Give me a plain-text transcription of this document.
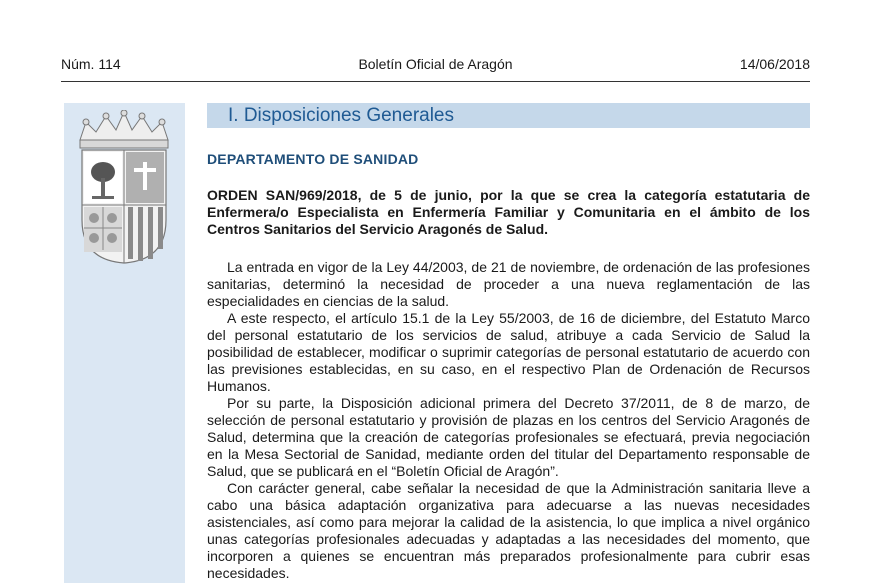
Núm. 114	Boletín Oficial de Aragón	14/06/2018
I. Disposiciones Generales
DEPARTAMENTO DE SANIDAD
ORDEN SAN/969/2018, de 5 de junio, por la que se crea la categoría estatutaria de Enfermera/o Especialista en Enfermería Familiar y Comunitaria en el ámbito de los Centros Sanitarios del Servicio Aragonés de Salud.

La entrada en vigor de la Ley 44/2003, de 21 de noviembre, de ordenación de las profesiones sanitarias, determinó la necesidad de proceder a una nueva reglamentación de las especialidades en ciencias de la salud.

A este respecto, el artículo 15.1 de la Ley 55/2003, de 16 de diciembre, del Estatuto Marco del personal estatutario de los servicios de salud, atribuye a cada Servicio de Salud la posibilidad de establecer, modificar o suprimir categorías de personal estatutario de acuerdo con las previsiones establecidas, en su caso, en el respectivo Plan de Ordenación de Recursos Humanos.

Por su parte, la Disposición adicional primera del Decreto 37/2011, de 8 de marzo, de selección de personal estatutario y provisión de plazas en los centros del Servicio Aragonés de Salud, determina que la creación de categorías profesionales se efectuará, previa negociación en la Mesa Sectorial de Sanidad, mediante orden del titular del Departamento responsable de Salud, que se publicará en el “Boletín Oficial de Aragón”.

Con carácter general, cabe señalar la necesidad de que la Administración sanitaria lleve a cabo una básica adaptación organizativa para adecuarse a las nuevas necesidades asistenciales, así como para mejorar la calidad de la asistencia, lo que implica a nivel orgánico unas categorías profesionales adecuadas y adaptadas a las necesidades del momento, que incorporen a quienes se encuentran más preparados profesionalmente para cubrir esas necesidades.
